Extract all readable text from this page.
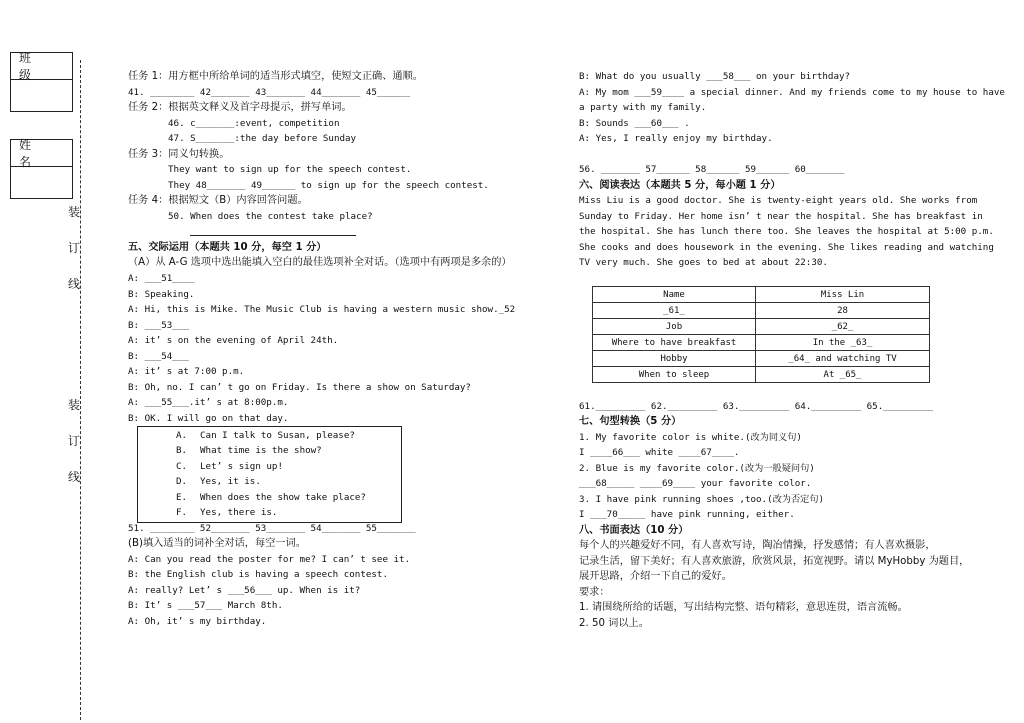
班 级
姓 名
装
订
线
装
订
线
任务 1：用方框中所给单词的适当形式填空，使短文正确、通顺。
41. ________ 42_______ 43_______ 44_______ 45______
任务 2：根据英文释义及首字母提示，拼写单词。
46. c_______:event, competition
47. S_______:the day before Sunday
任务 3：同义句转换。
They want to sign up for the speech contest.
They 48_______ 49______ to sign up for the speech contest.
任务 4：根据短文（B）内容回答问题。
50. When does the contest take place?
五、交际运用（本题共 10 分，每空 1 分）
（A）从 A-G 选项中选出能填入空白的最佳选项补全对话。（选项中有两项是多余的）
A: ___51____
B: Speaking.
A: Hi, this is Mike. The Music Club is having a western music show._52
B: ___53___
A: it’ s on the evening of April 24th.
B: ___54___
A: it’ s at 7:00 p.m.
B: Oh, no. I can’ t go on Friday. Is there a show on Saturday?
A: ___55___.it’ s at 8:00p.m.
B: OK. I will go on that day.
51. ________ 52_______ 53_______ 54_______ 55_______
(B)填入适当的词补全对话，每空一词。
A: Can you read the poster for me? I can’ t see it.
B: the English club is having a speech contest.
A: really? Let’ s ___56___ up. When is it?
B: It’ s ___57___ March 8th.
A: Oh, it’ s my birthday.
A. Can I talk to Susan, please?
B. What time is the show?
C. Let’ s sign up!
D. Yes, it is.
E. When does the show take place?
F. Yes, there is.
B: What do you usually ___58___ on your birthday?
A: My mom ___59____ a special dinner. And my friends come to my house to have
a party with my family.
B: Sounds ___60___ .
A: Yes, I really enjoy my birthday.
56. _______ 57______ 58______ 59______ 60_______
六、阅读表达（本题共 5 分，每小题 1 分）
Miss Liu is a good doctor. She is twenty-eight years old. She works from
Sunday to Friday. Her home isn’ t near the hospital. She has breakfast in
the hospital. She has lunch there too. She leaves the hospital at 5:00 p.m.
She cooks and does housework in the evening. She likes reading and watching
TV very much. She goes to bed at about 22:30.
61._________ 62._________ 63._________ 64._________ 65._________
七、句型转换（5 分）
1. My favorite color is white.(改为同义句)
I ____66___ white ____67____.
2. Blue is my favorite color.(改为一般疑问句)
___68_____ ____69____ your favorite color.
3. I have pink running shoes ,too.(改为否定句)
I ___70_____ have pink running, either.
八、书面表达（10 分）
每个人的兴趣爱好不同，有人喜欢写诗，陶冶情操，抒发感情；有人喜欢摄影，
记录生活，留下美好；有人喜欢旅游，欣赏风景，拓宽视野。请以 MyHobby 为题目，
展开思路，介绍一下自己的爱好。
要求：
1. 请围绕所给的话题，写出结构完整、语句精彩，意思连贯，语言流畅。
2. 50 词以上。
Name	Miss Lin
_61_	28
Job	_62_
Where to have breakfast	In the _63_
Hobby	_64_ and watching TV
When to sleep	At _65_
